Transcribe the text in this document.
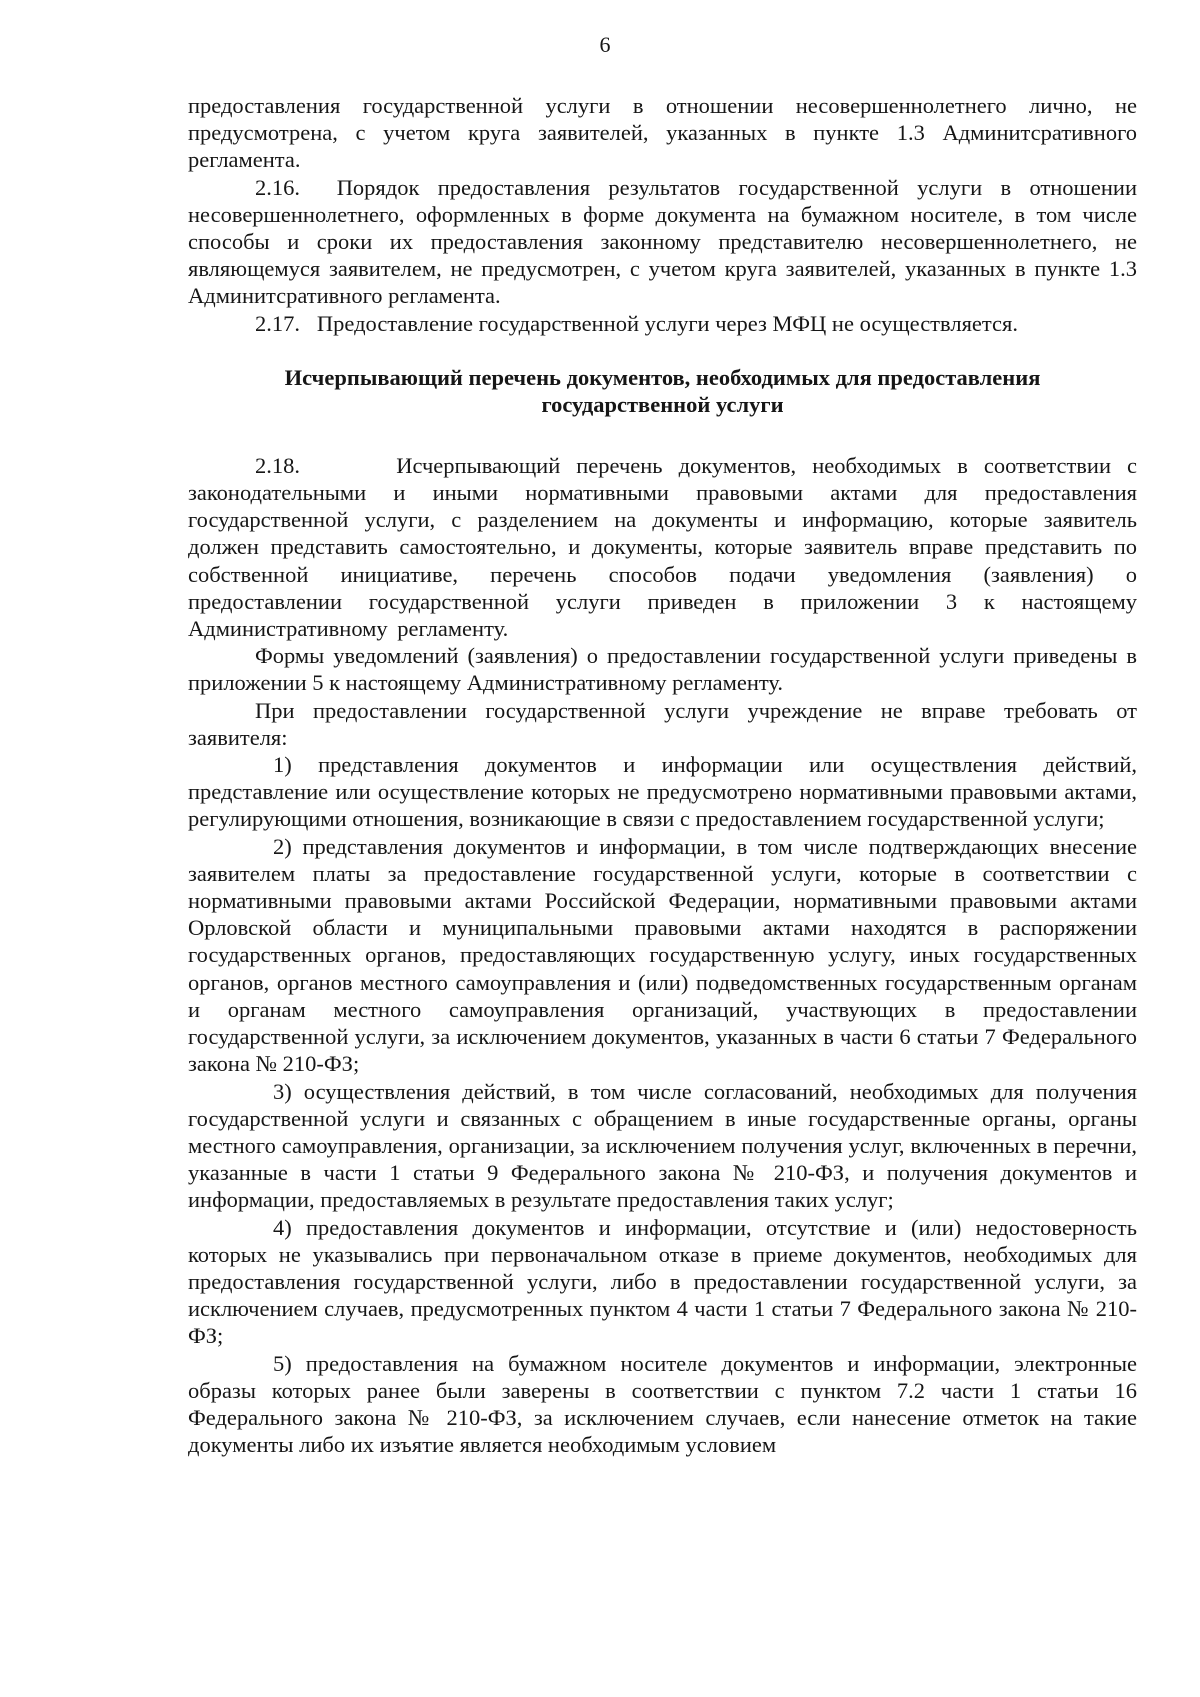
6

предоставления государственной услуги в отношении несовершеннолетнего лично, не предусмотрена, с учетом круга заявителей, указанных в пункте 1.3 Админитсративного регламента.

2.16. Порядок предоставления результатов государственной услуги в отношении несовершеннолетнего, оформленных в форме документа на бумажном носителе, в том числе способы и сроки их предоставления законному представителю несовершеннолетнего, не являющемуся заявителем, не предусмотрен, с учетом круга заявителей, указанных в пункте 1.3 Админитсративного регламента.

2.17. Предоставление государственной услуги через МФЦ не осуществляется.

Исчерпывающий перечень документов, необходимых для предоставления
государственной услуги

2.18.	Исчерпывающий перечень документов, необходимых в соответствии с законодательными и иными нормативными правовыми актами для предоставления государственной услуги, с разделением на документы и информацию, которые заявитель должен представить самостоятельно, и документы, которые заявитель вправе представить по собственной инициативе, перечень способов подачи уведомления (заявления) о предоставлении государственной услуги приведен в приложении 3 к настоящему Административному регламенту.

Формы уведомлений (заявления) о предоставлении государственной услуги приведены в приложении 5 к настоящему Административному регламенту.

При предоставлении государственной услуги учреждение не вправе требовать от заявителя:

1) представления документов и информации или осуществления действий, представление или осуществление которых не предусмотрено нормативными правовыми актами, регулирующими отношения, возникающие в связи с предоставлением государственной услуги;

2) представления документов и информации, в том числе подтверждающих внесение заявителем платы за предоставление государственной услуги, которые в соответствии с нормативными правовыми актами Российской Федерации, нормативными правовыми актами Орловской области и муниципальными правовыми актами находятся в распоряжении государственных органов, предоставляющих государственную услугу, иных государственных органов, органов местного самоуправления и (или) подведомственных государственным органам и органам местного самоуправления организаций, участвующих в предоставлении государственной услуги, за исключением документов, указанных в части 6 статьи 7 Федерального закона № 210-ФЗ;

3) осуществления действий, в том числе согласований, необходимых для получения государственной услуги и связанных с обращением в иные государственные органы, органы местного самоуправления, организации, за исключением получения услуг, включенных в перечни, указанные в части 1 статьи 9 Федерального закона № 210-ФЗ, и получения документов и информации, предоставляемых в результате предоставления таких услуг;

4) предоставления документов и информации, отсутствие и (или) недостоверность которых не указывались при первоначальном отказе в приеме документов, необходимых для предоставления государственной услуги, либо в предоставлении государственной услуги, за исключением случаев, предусмотренных пунктом 4 части 1 статьи 7 Федерального закона № 210-ФЗ;

5) предоставления на бумажном носителе документов и информации, электронные образы которых ранее были заверены в соответствии с пунктом 7.2 части 1 статьи 16 Федерального закона № 210-ФЗ, за исключением случаев, если нанесение отметок на такие документы либо их изъятие является необходимым условием
